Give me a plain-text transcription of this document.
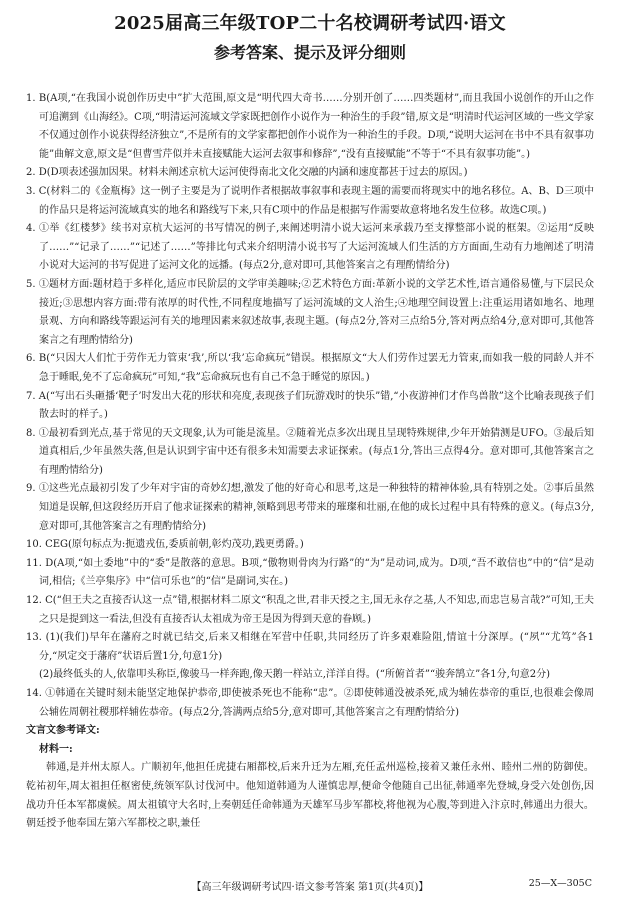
2025届高三年级TOP二十名校调研考试四·语文
参考答案、提示及评分细则

1. B(A项,“在我国小说创作历史中”扩大范围,原文是“明代四大奇书……分别开创了……四类题材”,而且我国小说创作的开山之作可追溯到《山海经》。C项,“明清运河流域文学家既把创作小说作为一种治生的手段”错,原文是“明清时代运河区域的一些文学家不仅通过创作小说获得经济独立”,不是所有的文学家都把创作小说作为一种治生的手段。D项,“说明大运河在书中不具有叙事功能”曲解文意,原文是“但曹雪芹似并未直接赋能大运河去叙事和修辞”,“没有直接赋能”不等于“不具有叙事功能”。)

2. D(D项表述强加因果。材料未阐述京杭大运河使得南北文化交融的内涵和速度都甚于过去的原因。)

3. C(材料二的《金瓶梅》这一例子主要是为了说明作者根据故事叙事和表现主题的需要而将现实中的地名移位。A、B、D三项中的作品只是将运河流域真实的地名和路线写下来,只有C项中的作品是根据写作需要故意将地名发生位移。故选C项。)

4. ①举《红楼梦》续书对京杭大运河的书写情况的例子,来阐述明清小说大运河来承载乃至支撑整部小说的框架。②运用“反映了……”“记录了……”“记述了……”等排比句式来介绍明清小说书写了大运河流域人们生活的方方面面,生动有力地阐述了明清小说对大运河的书写促进了运河文化的远播。(每点2分,意对即可,其他答案言之有理酌情给分)

5. ①题材方面:题材趋于多样化,适应市民阶层的文学审美趣味;②艺术特色方面:革新小说的文学艺术性,语言通俗易懂,与下层民众接近;③思想内容方面:带有浓厚的时代性,不同程度地描写了运河流域的文人治生;④地理空间设置上:注重运用诸如地名、地理景观、方向和路线等跟运河有关的地理因素来叙述故事,表现主题。(每点2分,答对三点给5分,答对两点给4分,意对即可,其他答案言之有理酌情给分)

6. B(“只因大人们忙于劳作无力管束‘我’,所以‘我’忘命疯玩”错误。根据原文“大人们劳作过罢无力管束,而如我一般的同龄人并不急于睡眠,免不了忘命疯玩”可知,“我”忘命疯玩也有自己不急于睡觉的原因。)

7. A(“写出石头砸播‘靶子’时发出大花的形状和亮度,表现孩子们玩游戏时的快乐”错,“小夜游神们才作鸟兽散”这个比喻表现孩子们散去时的样子。)

8. ①最初看到光点,基于常见的天文现象,认为可能是流星。②随着光点多次出现且呈现特殊规律,少年开始猜测是UFO。③最后知道真相后,少年虽然失落,但是认识到宇宙中还有很多未知需要去求证探索。(每点1分,答出三点得4分。意对即可,其他答案言之有理酌情给分)

9. ①这些光点最初引发了少年对宇宙的奇妙幻想,激发了他的好奇心和思考,这是一种独特的精神体验,具有特别之处。②事后虽然知道是误解,但这段经历开启了他求证探索的精神,领略到思考带来的璀璨和壮丽,在他的成长过程中具有特殊的意义。(每点3分,意对即可,其他答案言之有理酌情给分)

10. CEG(原句标点为:扼遗戎伍,委质前朝,彰灼茂功,践更勇爵。)

11. D(A项,“如土委地”中的“委”是散落的意思。B项,“傲物则骨肉为行路”的“为”是动词,成为。D项,“吾不敢信也”中的“信”是动词,相信;《兰亭集序》中“信可乐也”的“信”是副词,实在。)

12. C(“但王夫之直接否认这一点”错,根据材料二原文“积乱之世,君非天授之主,国无永存之基,人不知忠,而忠岂易言哉?”可知,王夫之只是提到这一看法,但没有直接否认太祖成为帝王是因为得到天意的眷顾。)

13. (1)(我们)早年在藩府之时就已结交,后来又相继在军营中任职,共同经历了许多艰难险阻,情谊十分深厚。(“夙”“尤笃”各1分,“夙定交于藩府”状语后置1分,句意1分)

(2)最终低头的人,依靠叩头称臣,像骏马一样奔跑,像天鹅一样站立,洋洋自得。(“所俯首者”“骏奔鹄立”各1分,句意2分)

14. ①韩通在关键时刻未能坚定地保护恭帝,即使被杀死也不能称“忠”。②即使韩通没被杀死,成为辅佐恭帝的重臣,也很难会像周公辅佐周朝社稷那样辅佐恭帝。(每点2分,答满两点给5分,意对即可,其他答案言之有理酌情给分)

文言文参考译文:

材料一:

韩通,是并州太原人。广顺初年,他担任虎捷右厢都校,后来升迁为左厢,充任孟州巡检,接着又兼任永州、睦州二州的防御使。乾祐初年,周太祖担任枢密使,统领军队讨伐河中。他知道韩通为人谨慎忠厚,便命令他随自己出征,韩通率先登城,身受六处创伤,因战功升任本军都虞候。周太祖镇守大名时,上奏朝廷任命韩通为天雄军马步军都校,将他视为心腹,等到进入汴京时,韩通出力很大。朝廷授予他奉国左第六军都校之职,兼任

【高三年级调研考试四·语文参考答案 第1页(共4页)】	25—X—305C
